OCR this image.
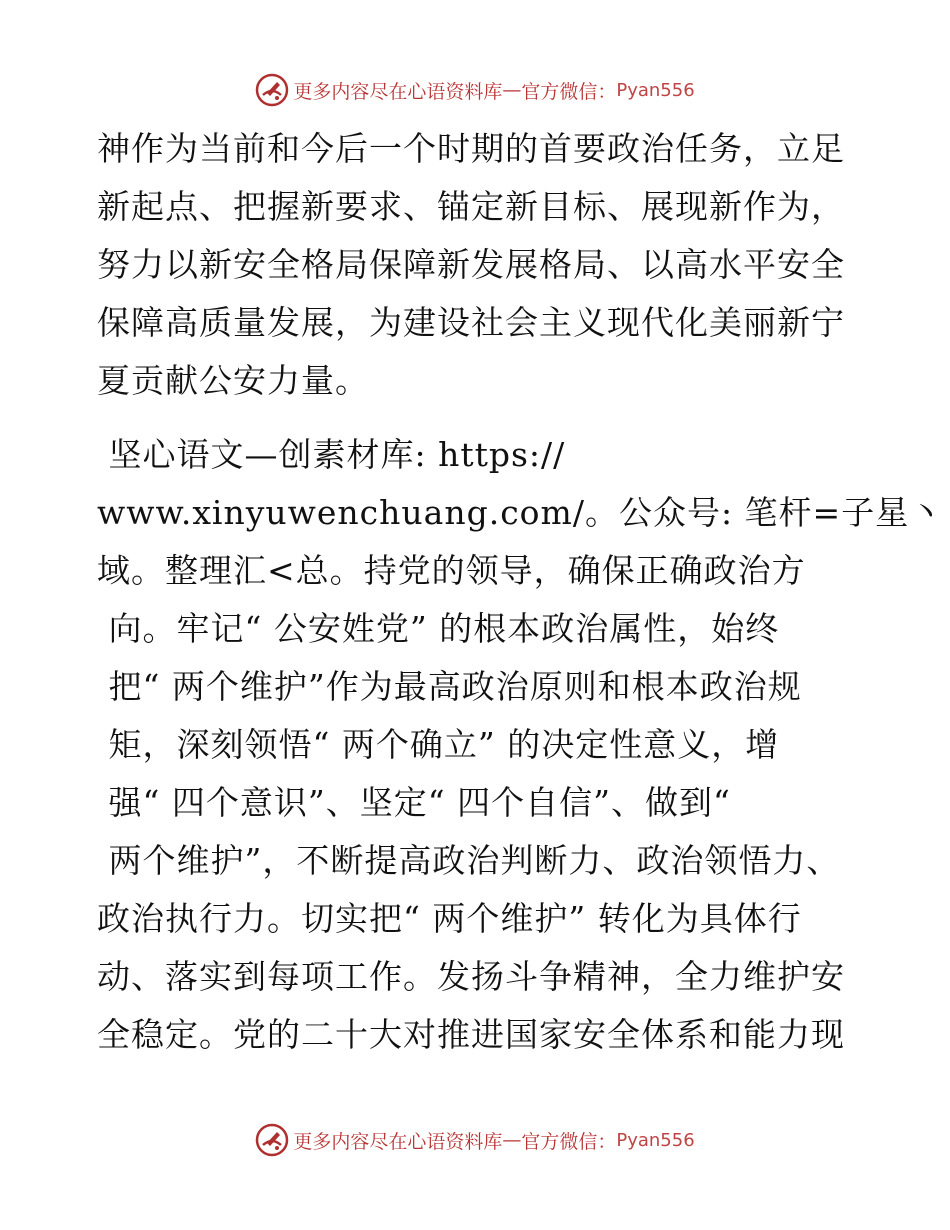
更多内容尽在心语资料库 — 官方微信： Pyan556
神作为当前和今后一个时期的首要政治任务，立足
新起点、把握新要求、锚定新目标、展现新作为，
努力以新安全格局保障新发展格局、以高水平安全
保障高质量发展，为建设社会主义现代化美丽新宁
夏贡献公安力量。
坚心语文—创素材库: https://
www.xinyuwenchuang.com/。公众号: 笔杆=子星丶
域。整理汇<总。持党的领导，确保正确政治方
向。牢记“ 公安姓党” 的根本政治属性，始终
把“ 两个维护”作为最高政治原则和根本政治规
矩，深刻领悟“ 两个确立” 的决定性意义，增
强“ 四个意识”、坚定“ 四个自信”、做到“
两个维护”，不断提高政治判断力、政治领悟力、
政治执行力。切实把“ 两个维护” 转化为具体行
动、落实到每项工作。发扬斗争精神，全力维护安
全稳定。党的二十大对推进国家安全体系和能力现
更多内容尽在心语资料库 — 官方微信： Pyan556
